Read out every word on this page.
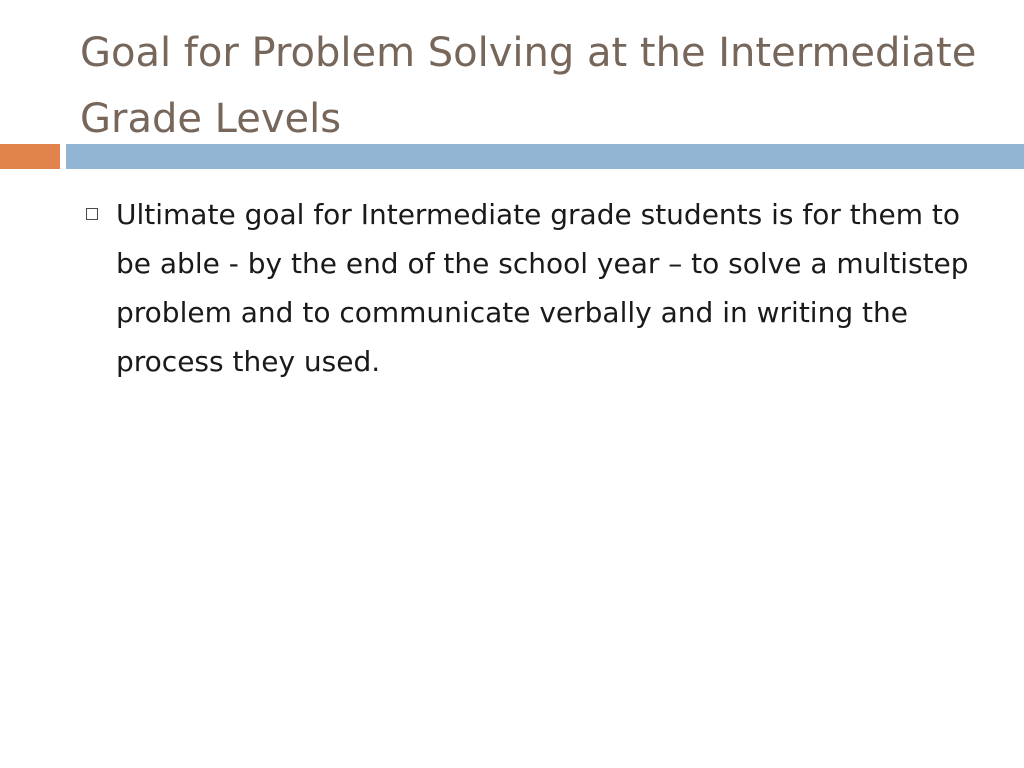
Goal for Problem Solving at the Intermediate Grade Levels
Ultimate goal for Intermediate grade students is for them to be able - by the end of the school year – to solve a multistep problem and to communicate verbally and in writing the process they used.
